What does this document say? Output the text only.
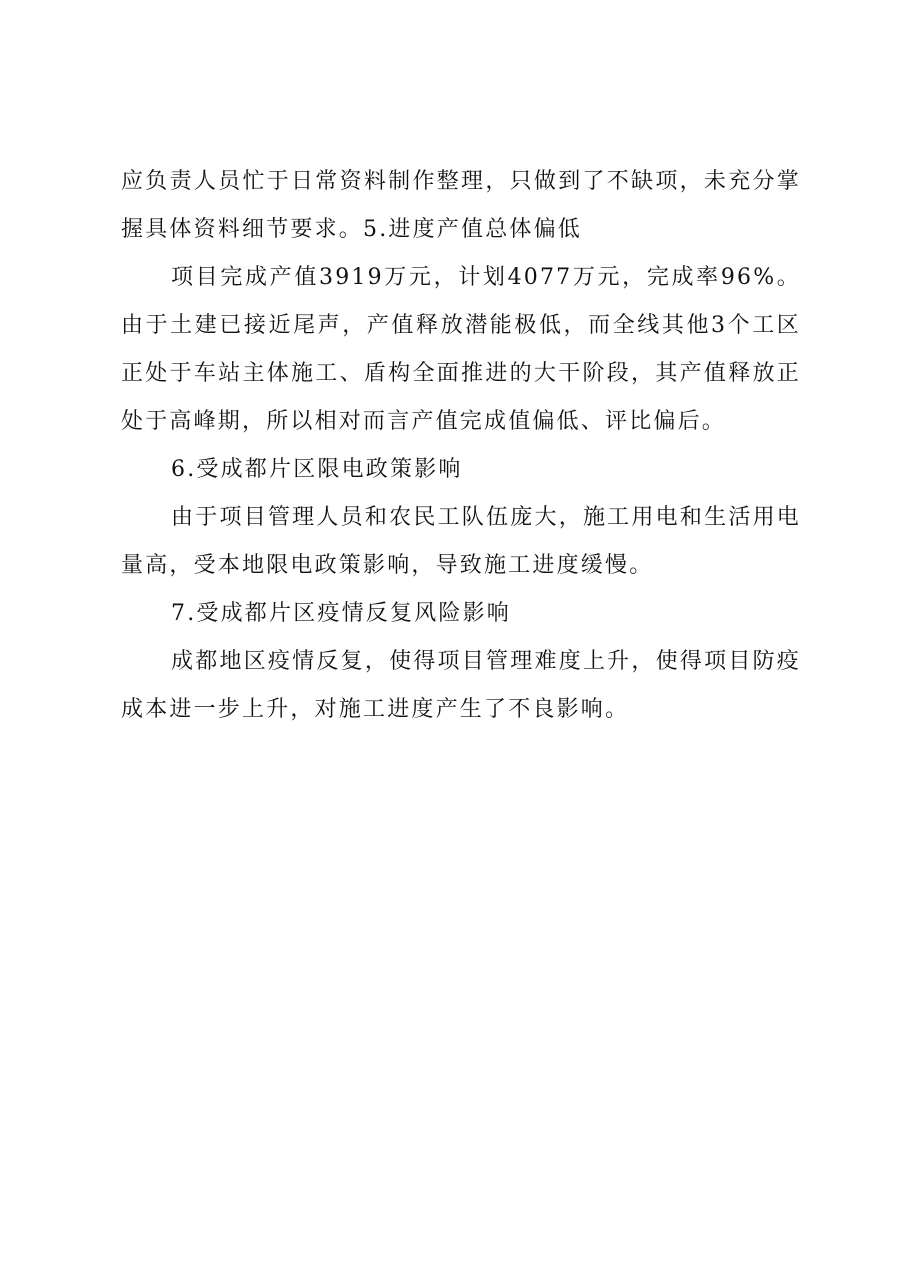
应负责人员忙于日常资料制作整理，只做到了不缺项，未充分掌握具体资料细节要求。5.进度产值总体偏低

项目完成产值3919万元，计划4077万元，完成率96%。由于土建已接近尾声，产值释放潜能极低，而全线其他3个工区正处于车站主体施工、盾构全面推进的大干阶段，其产值释放正处于高峰期，所以相对而言产值完成值偏低、评比偏后。

6.受成都片区限电政策影响

由于项目管理人员和农民工队伍庞大，施工用电和生活用电量高，受本地限电政策影响，导致施工进度缓慢。

7.受成都片区疫情反复风险影响

成都地区疫情反复，使得项目管理难度上升，使得项目防疫成本进一步上升，对施工进度产生了不良影响。
